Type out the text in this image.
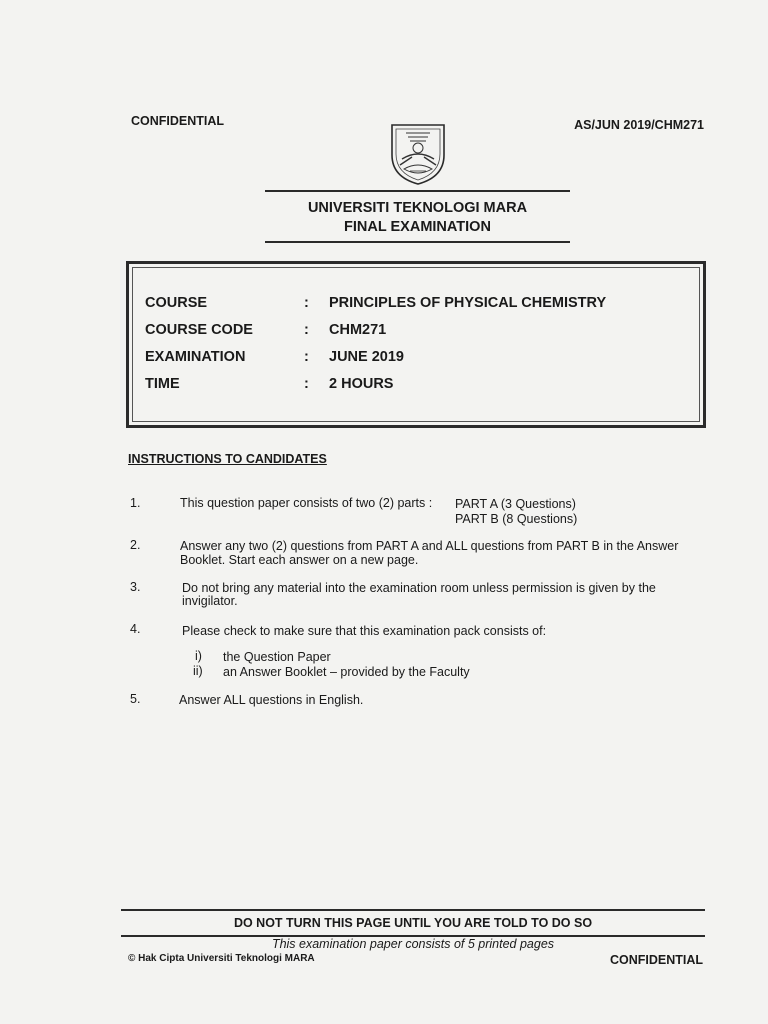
CONFIDENTIAL	AS/JUN 2019/CHM271
UNIVERSITI TEKNOLOGI MARA
FINAL EXAMINATION
COURSE	: PRINCIPLES OF PHYSICAL CHEMISTRY
COURSE CODE	: CHM271
EXAMINATION	: JUNE 2019
TIME	: 2 HOURS
INSTRUCTIONS TO CANDIDATES
1.	This question paper consists of two (2) parts : PART A (3 Questions)
PART B (8 Questions)
2.	Answer any two (2) questions from PART A and ALL questions from PART B in the Answer
Booklet. Start each answer on a new page.
3.	Do not bring any material into the examination room unless permission is given by the
invigilator.
4.	Please check to make sure that this examination pack consists of:
i) the Question Paper
ii) an Answer Booklet – provided by the Faculty
5.	Answer ALL questions in English.
DO NOT TURN THIS PAGE UNTIL YOU ARE TOLD TO DO SO
This examination paper consists of 5 printed pages
© Hak Cipta Universiti Teknologi MARA	CONFIDENTIAL
